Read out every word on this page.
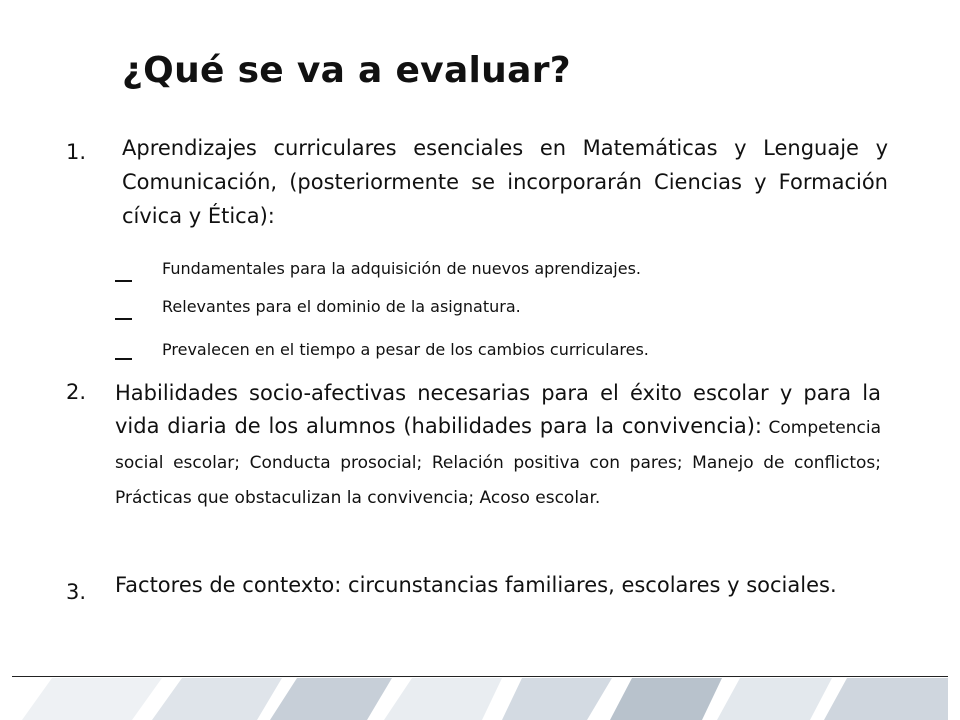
¿Qué se va a evaluar?
1. Aprendizajes curriculares esenciales en Matemáticas y Lenguaje y Comunicación, (posteriormente se incorporarán Ciencias y Formación cívica y Ética):
Fundamentales para la adquisición de nuevos aprendizajes.
Relevantes para el dominio de la asignatura.
Prevalecen en el tiempo a pesar de los cambios curriculares.
2. Habilidades socio-afectivas necesarias para el éxito escolar y para la vida diaria de los alumnos (habilidades para la convivencia): Competencia social escolar; Conducta prosocial; Relación positiva con pares; Manejo de conflictos; Prácticas que obstaculizan la convivencia; Acoso escolar.
3. Factores de contexto: circunstancias familiares, escolares y sociales.
